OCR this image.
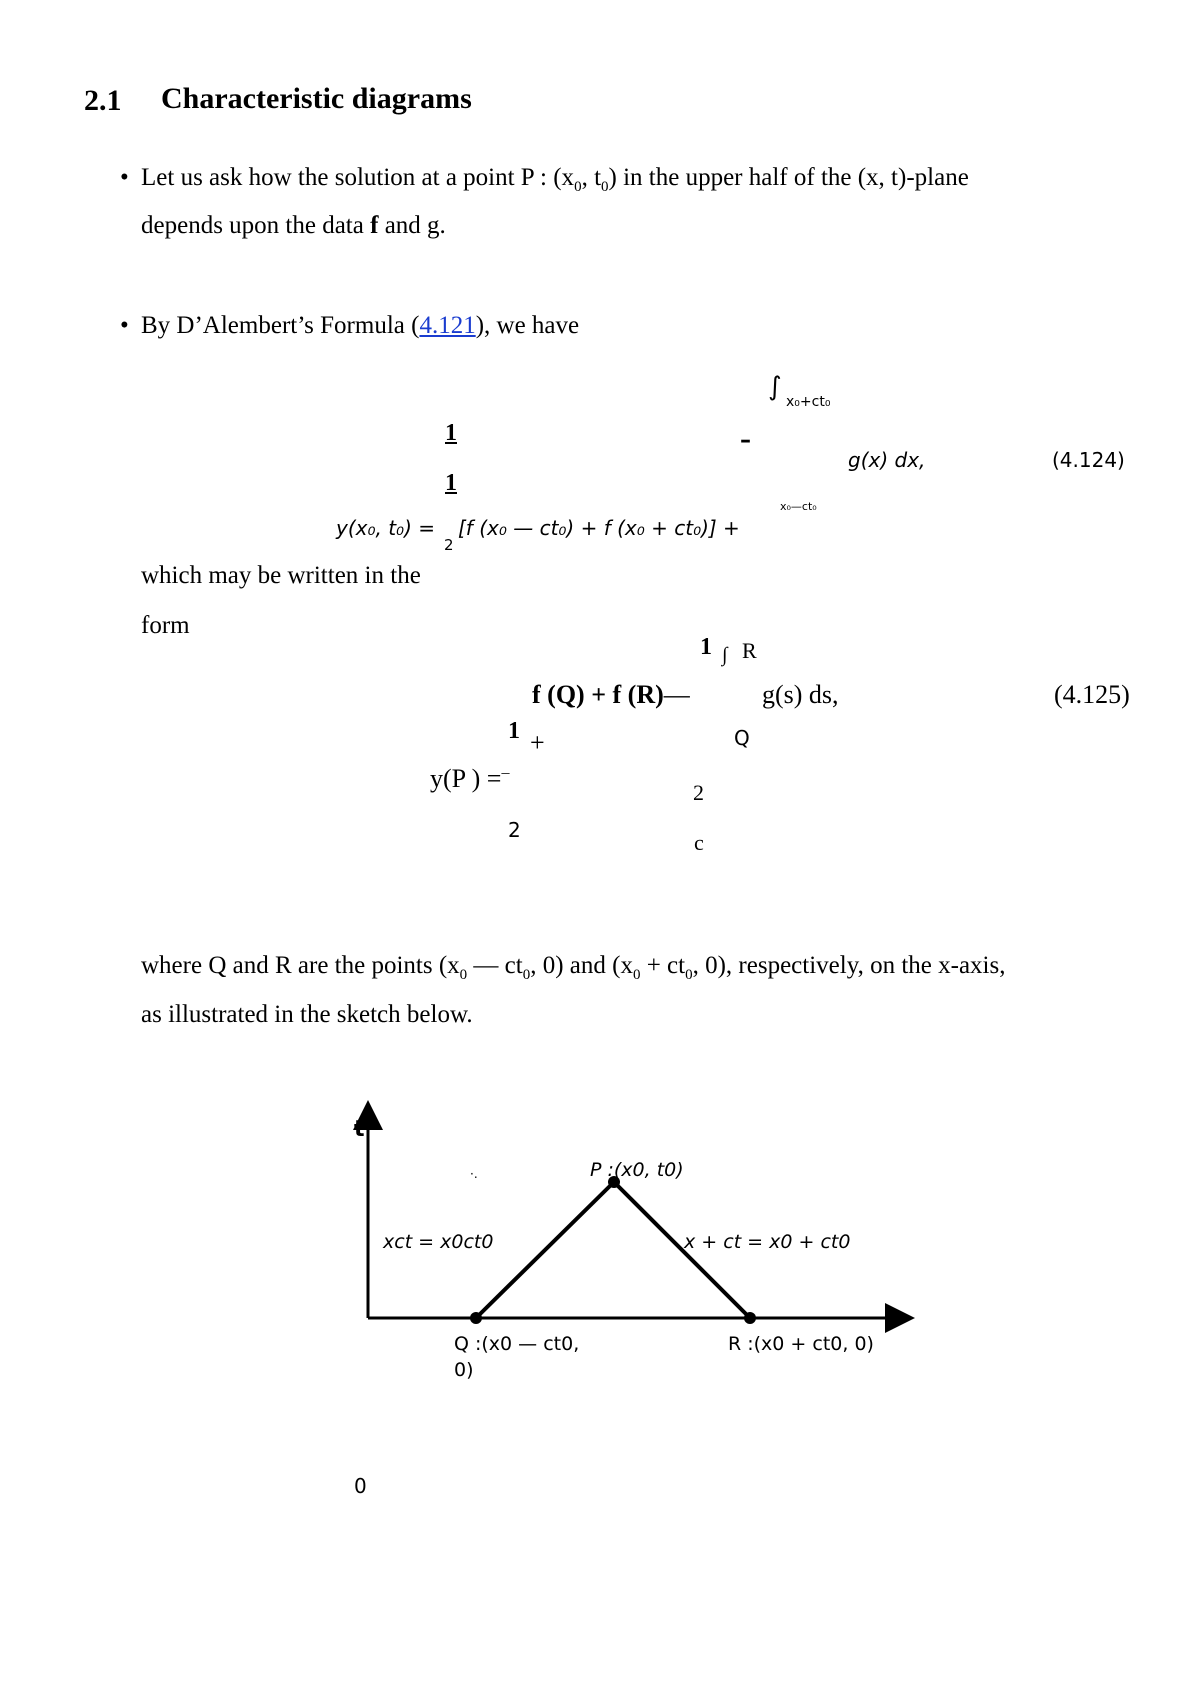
2.1 Characteristic diagrams
• Let us ask how the solution at a point P : ($x_0$, $t_0$) in the upper half of the (x, t)-plane
depends upon the data f and g.
• By D’Alembert’s Formula (4.121), we have
∫ x₀+ct₀
1	–
g(x) dx,	(4.124)
1
x₀—ct₀
y(x₀, t₀) =
2
[f (x₀ — ct₀) + f (x₀ + ct₀)] +
which may be written in the
form
1 ∫ R
f (Q) + f (R)—	g(s) ds,	(4.125)
1 +	Q
y(P ) =–
2
2	c
where Q and R are the points ($x_0$ — $ct_0$, 0) and ($x_0 + ct_0$, 0), respectively, on the x-axis,
as illustrated in the sketch below.
t
·.	P :(x0, t0)
xct = x0ct0	x + ct = x0 + ct0
Q :(x0 — ct0,
0)
R :(x0 + ct0, 0)
0
